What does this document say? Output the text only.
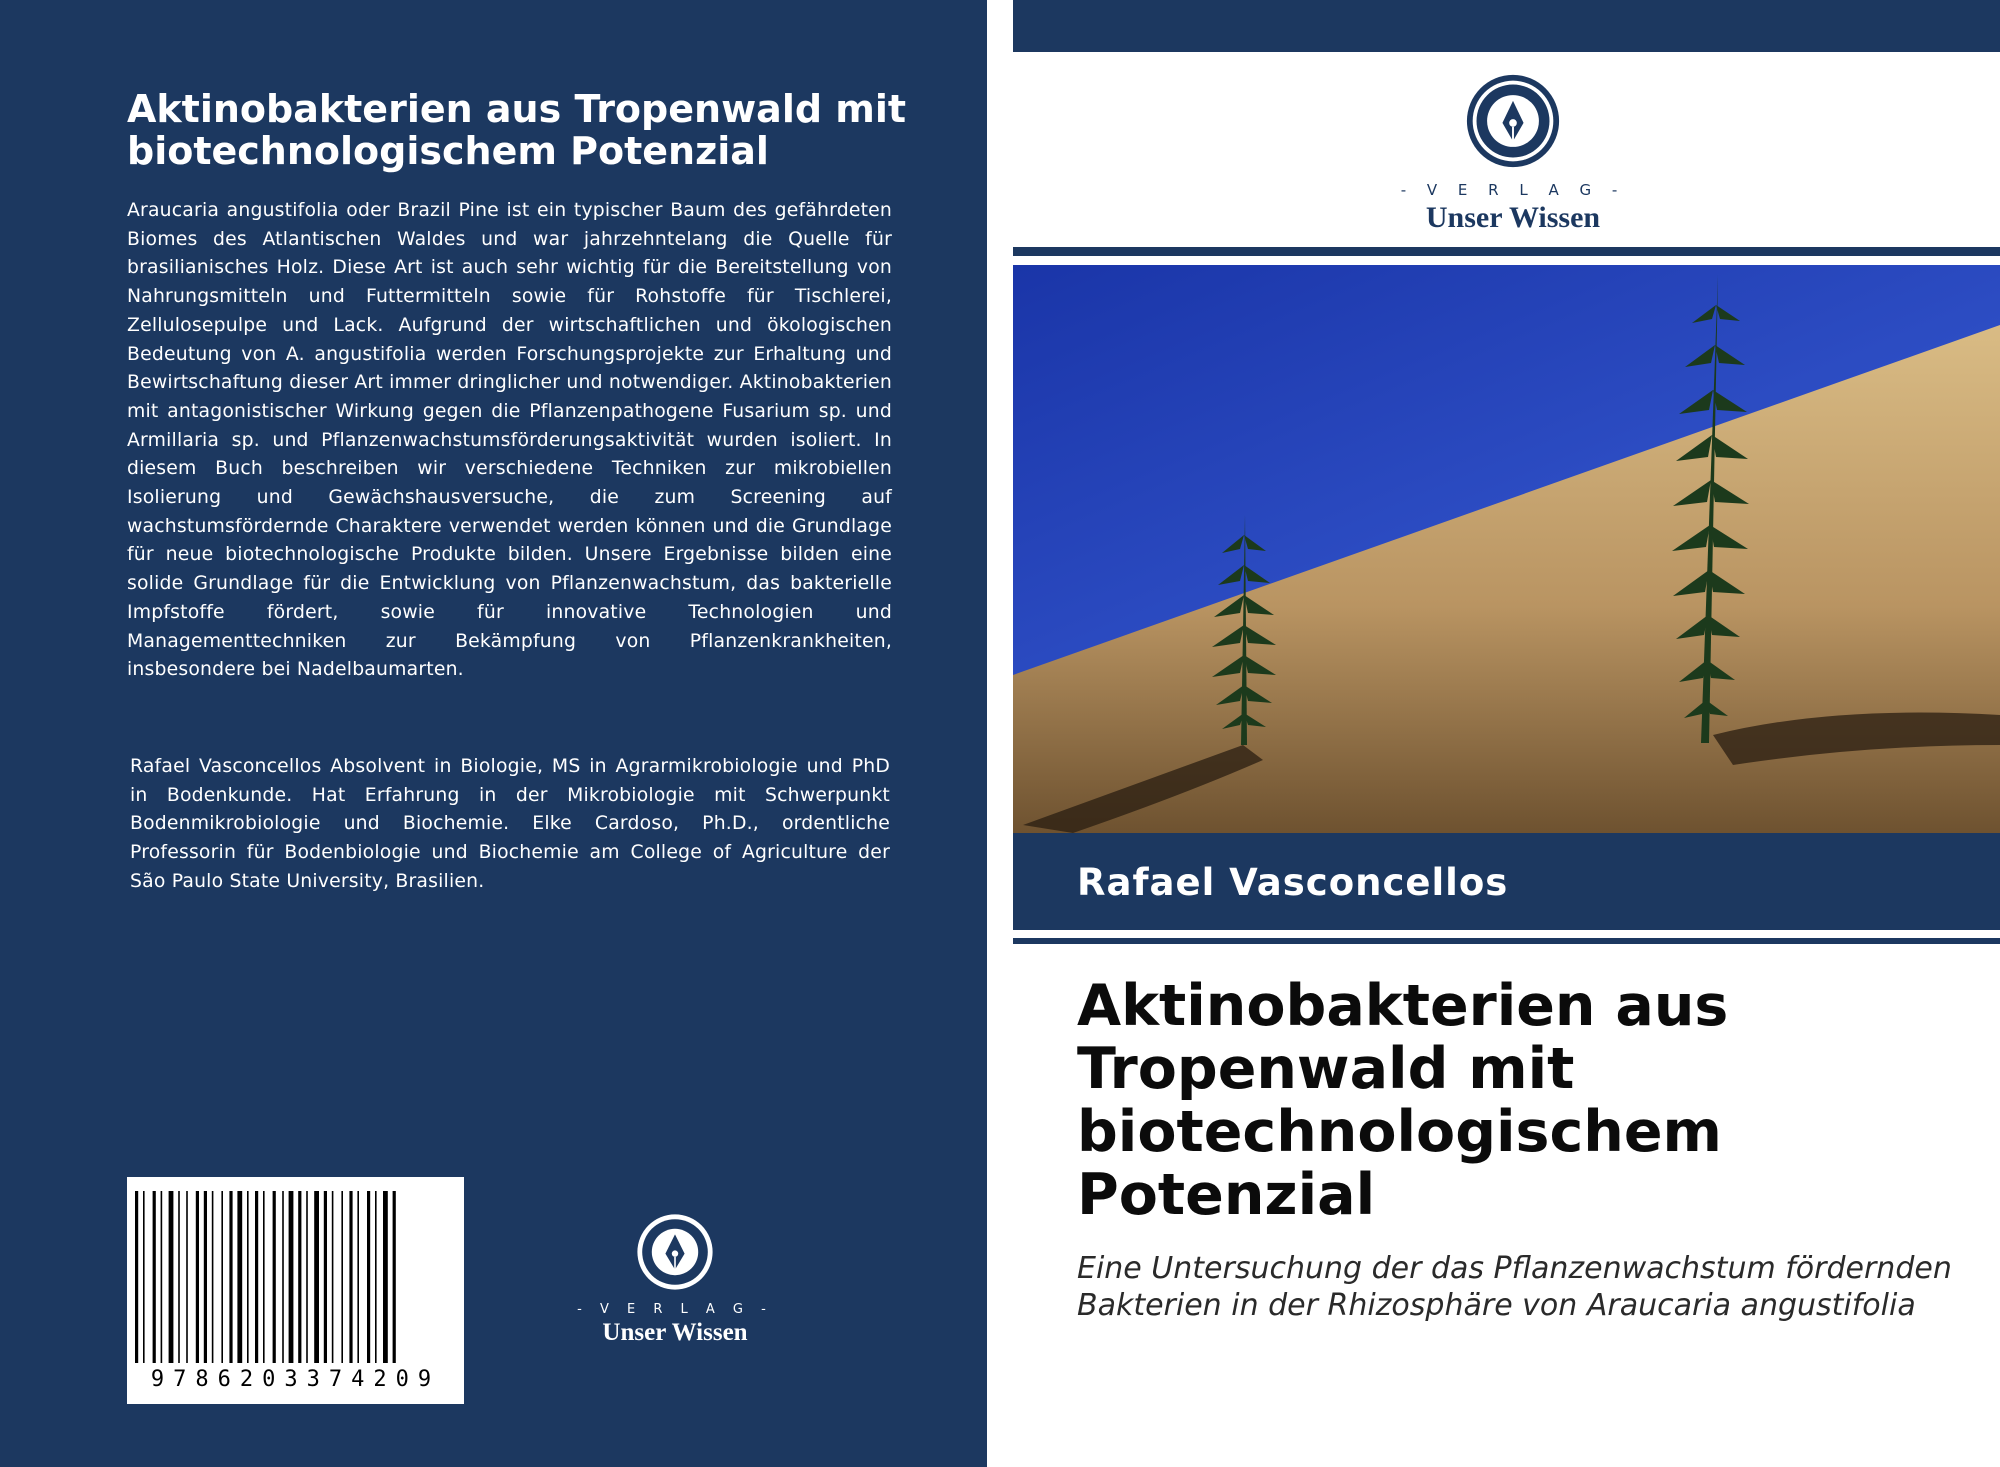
Aktinobakterien aus Tropenwald mit biotechnologischem Potenzial
Araucaria angustifolia oder Brazil Pine ist ein typischer Baum des gefährdeten Biomes des Atlantischen Waldes und war jahrzehntelang die Quelle für brasilianisches Holz. Diese Art ist auch sehr wichtig für die Bereitstellung von Nahrungsmitteln und Futtermitteln sowie für Rohstoffe für Tischlerei, Zellulosepulpe und Lack. Aufgrund der wirtschaftlichen und ökologischen Bedeutung von A. angustifolia werden Forschungsprojekte zur Erhaltung und Bewirtschaftung dieser Art immer dringlicher und notwendiger. Aktinobakterien mit antagonistischer Wirkung gegen die Pflanzenpathogene Fusarium sp. und Armillaria sp. und Pflanzenwachstumsförderungsaktivität wurden isoliert. In diesem Buch beschreiben wir verschiedene Techniken zur mikrobiellen Isolierung und Gewächshausversuche, die zum Screening auf wachstumsfördernde Charaktere verwendet werden können und die Grundlage für neue biotechnologische Produkte bilden. Unsere Ergebnisse bilden eine solide Grundlage für die Entwicklung von Pflanzenwachstum, das bakterielle Impfstoffe fördert, sowie für innovative Technologien und Managementtechniken zur Bekämpfung von Pflanzenkrankheiten, insbesondere bei Nadelbaumarten.
Rafael Vasconcellos Absolvent in Biologie, MS in Agrarmikrobiologie und PhD in Bodenkunde. Hat Erfahrung in der Mikrobiologie mit Schwerpunkt Bodenmikrobiologie und Biochemie. Elke Cardoso, Ph.D., ordentliche Professorin für Bodenbiologie und Biochemie am College of Agriculture der São Paulo State University, Brasilien.
9786203374209
- V E R L A G -
Unser Wissen
- V E R L A G -
Unser Wissen
Rafael Vasconcellos
Aktinobakterien aus Tropenwald mit biotechnologischem Potenzial
Eine Untersuchung der das Pflanzenwachstum fördernden Bakterien in der Rhizosphäre von Araucaria angustifolia
